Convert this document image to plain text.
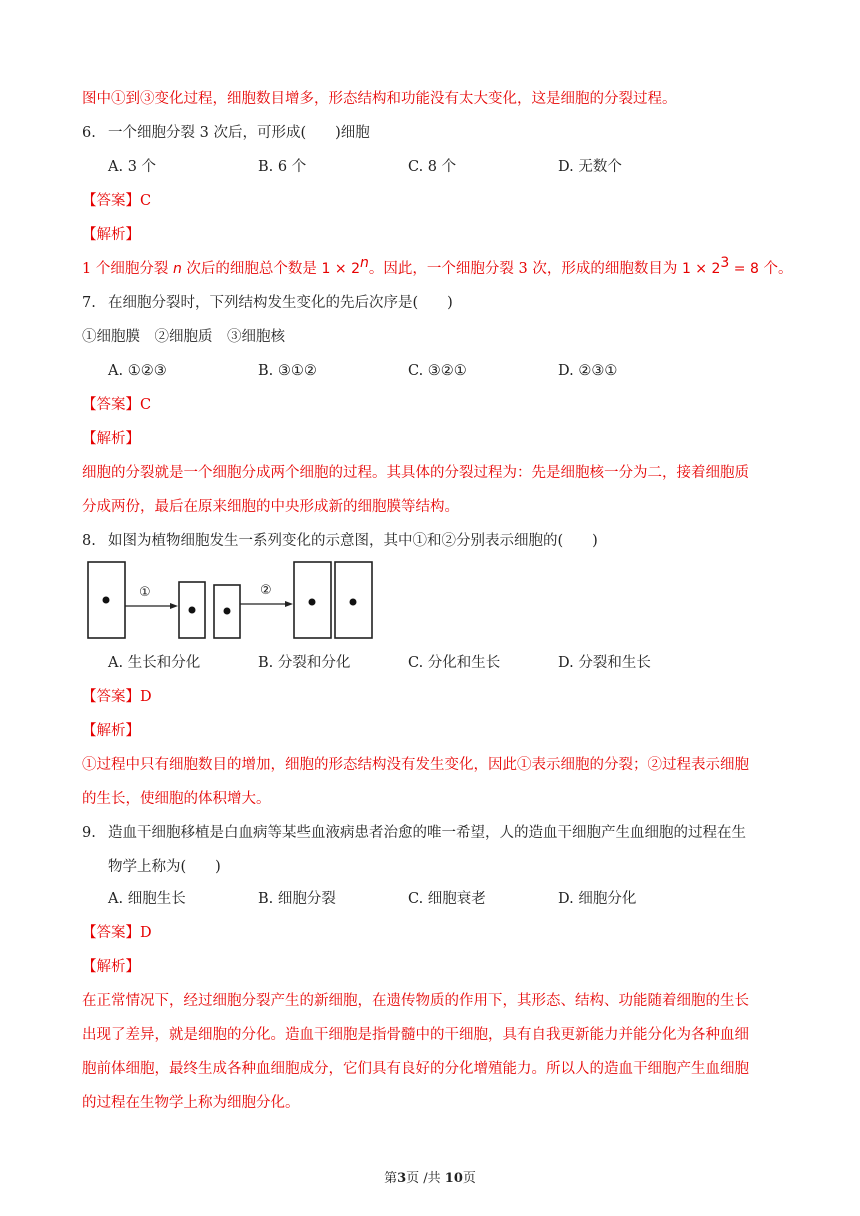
图中①到③变化过程，细胞数目增多，形态结构和功能没有太大变化，这是细胞的分裂过程。
6. 一个细胞分裂 3 次后，可形成(　　)细胞
A. 3 个	B. 6 个	C. 8 个	D. 无数个
【答案】C
【解析】
1 个细胞分裂 n 次后的细胞总个数是 $1 \times 2^n$。因此，一个细胞分裂 3 次，形成的细胞数目为 $1 \times 2^3 = 8$ 个。
7. 在细胞分裂时，下列结构发生变化的先后次序是(　　)
①细胞膜　②细胞质　③细胞核
A. ①②③	B. ③①②	C. ③②①	D. ②③①
【答案】C
【解析】
细胞的分裂就是一个细胞分成两个细胞的过程。其具体的分裂过程为：先是细胞核一分为二，接着细胞质
分成两份，最后在原来细胞的中央形成新的细胞膜等结构。
8. 如图为植物细胞发生一系列变化的示意图，其中①和②分别表示细胞的(　　)
①	②
A. 生长和分化	B. 分裂和分化	C. 分化和生长	D. 分裂和生长
【答案】D
【解析】
①过程中只有细胞数目的增加，细胞的形态结构没有发生变化，因此①表示细胞的分裂；②过程表示细胞
的生长，使细胞的体积增大。
9. 造血干细胞移植是白血病等某些血液病患者治愈的唯一希望，人的造血干细胞产生血细胞的过程在生
物学上称为(　　)
A. 细胞生长	B. 细胞分裂	C. 细胞衰老	D. 细胞分化
【答案】D
【解析】
在正常情况下，经过细胞分裂产生的新细胞，在遗传物质的作用下，其形态、结构、功能随着细胞的生长
出现了差异，就是细胞的分化。造血干细胞是指骨髓中的干细胞，具有自我更新能力并能分化为各种血细
胞前体细胞，最终生成各种血细胞成分，它们具有良好的分化增殖能力。所以人的造血干细胞产生血细胞
的过程在生物学上称为细胞分化。
第3页 /共 10页
